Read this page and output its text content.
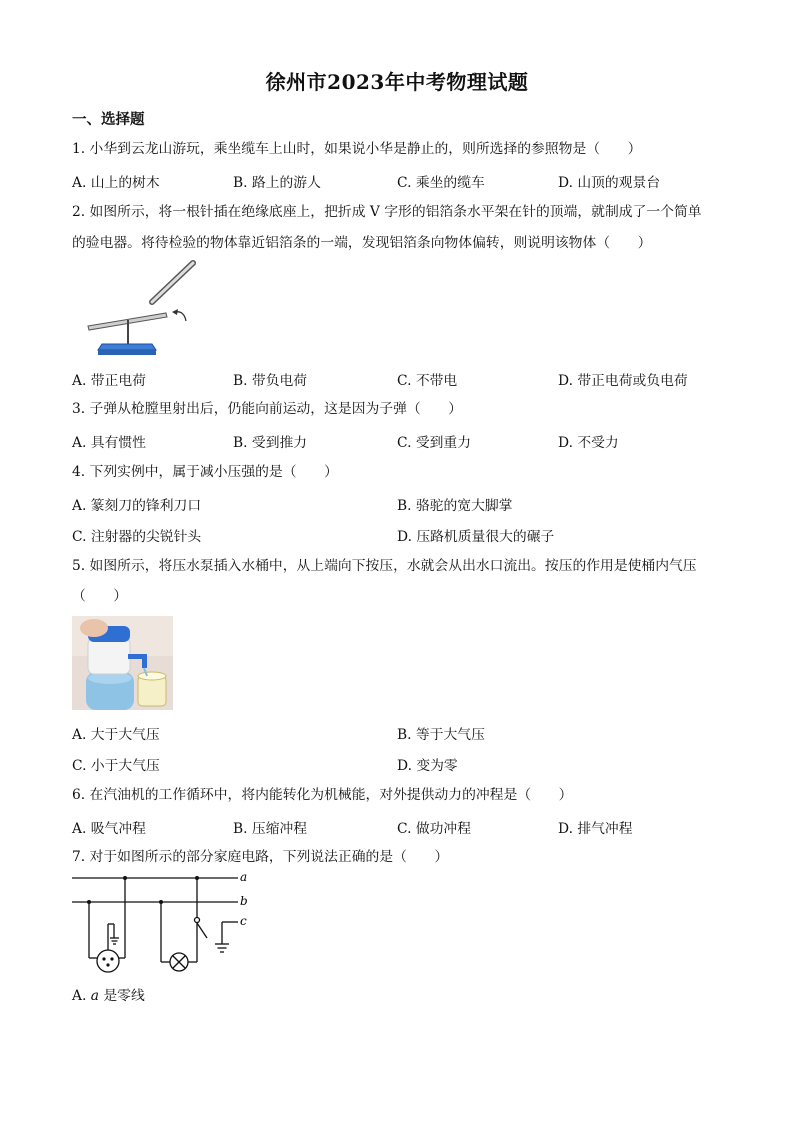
徐州市2023年中考物理试题
一、选择题
1. 小华到云龙山游玩，乘坐缆车上山时，如果说小华是静止的，则所选择的参照物是（　　）
A. 山上的树木	B. 路上的游人	C. 乘坐的缆车	D. 山顶的观景台
2. 如图所示，将一根针插在绝缘底座上，把折成 V 字形的铝箔条水平架在针的顶端，就制成了一个简单
的验电器。将待检验的物体靠近铝箔条的一端，发现铝箔条向物体偏转，则说明该物体（　　）
A. 带正电荷	B. 带负电荷	C. 不带电	D. 带正电荷或负电荷
3. 子弹从枪膛里射出后，仍能向前运动，这是因为子弹（　　）
A. 具有惯性	B. 受到推力	C. 受到重力	D. 不受力
4. 下列实例中，属于减小压强的是（　　）
A. 篆刻刀的锋利刀口	B. 骆驼的宽大脚掌
C. 注射器的尖锐针头	D. 压路机质量很大的碾子
5. 如图所示，将压水泵插入水桶中，从上端向下按压，水就会从出水口流出。按压的作用是使桶内气压
（　　）
A. 大于大气压	B. 等于大气压
C. 小于大气压	D. 变为零
6. 在汽油机的工作循环中，将内能转化为机械能，对外提供动力的冲程是（　　）
A. 吸气冲程	B. 压缩冲程	C. 做功冲程	D. 排气冲程
7. 对于如图所示的部分家庭电路，下列说法正确的是（　　）
a
b
c
A. a 是零线
